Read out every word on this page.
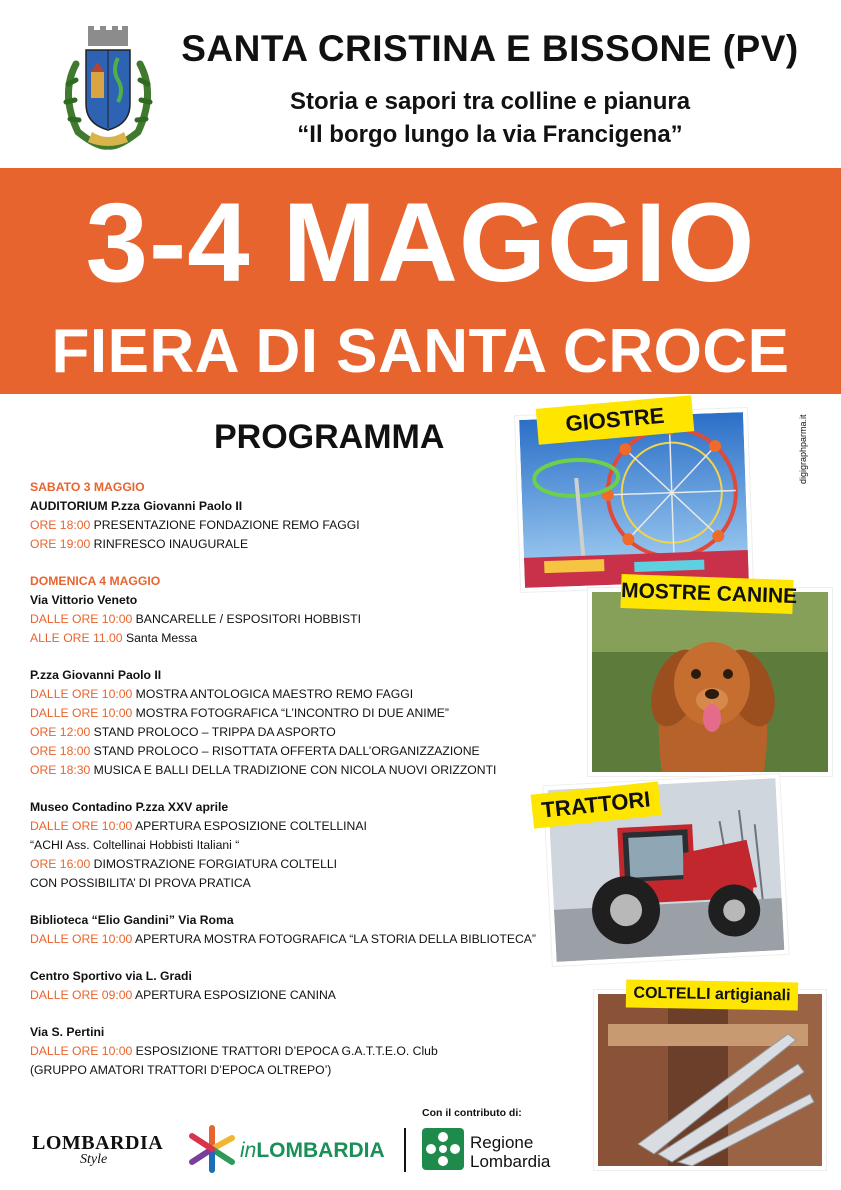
SANTA CRISTINA E BISSONE (PV)
Storia e sapori tra colline e pianura
“Il borgo lungo la via Francigena”
3-4 MAGGIO
FIERA DI SANTA CROCE
PROGRAMMA
SABATO 3 MAGGIO
AUDITORIUM P.zza Giovanni Paolo II
ORE 18:00 PRESENTAZIONE FONDAZIONE REMO FAGGI
ORE 19:00 RINFRESCO INAUGURALE
DOMENICA 4 MAGGIO
Via Vittorio Veneto
DALLE ORE 10:00 BANCARELLE / ESPOSITORI HOBBISTI
ALLE ORE 11.00 Santa Messa
P.zza Giovanni Paolo II
DALLE ORE 10:00 MOSTRA ANTOLOGICA MAESTRO REMO FAGGI
DALLE ORE 10:00 MOSTRA FOTOGRAFICA “L’INCONTRO DI DUE ANIME”
ORE 12:00 STAND PROLOCO – TRIPPA DA ASPORTO
ORE 18:00 STAND PROLOCO – RISOTTATA OFFERTA DALL’ORGANIZZAZIONE
ORE 18:30 MUSICA E BALLI DELLA TRADIZIONE CON NICOLA NUOVI ORIZZONTI
Museo Contadino P.zza XXV aprile
DALLE ORE 10:00 APERTURA ESPOSIZIONE COLTELLINAI
“ACHI Ass. Coltellinai Hobbisti Italiani “
ORE 16:00 DIMOSTRAZIONE FORGIATURA COLTELLI
CON POSSIBILITA’ DI PROVA PRATICA
Biblioteca “Elio Gandini” Via Roma
DALLE ORE 10:00 APERTURA MOSTRA FOTOGRAFICA “LA STORIA DELLA BIBLIOTECA”
Centro Sportivo via L. Gradi
DALLE ORE 09:00 APERTURA ESPOSIZIONE CANINA
Via S. Pertini
DALLE ORE 10:00 ESPOSIZIONE TRATTORI D’EPOCA G.A.T.T.E.O. Club
(GRUPPO AMATORI TRATTORI D’EPOCA OLTREPO’)
GIOSTRE
MOSTRE CANINE
TRATTORI
COLTELLI artigianali
digigraphparma.it
Con il contributo di:
LOMBARDIA
Style	inLOMBARDIA	Regione
Lombardia
